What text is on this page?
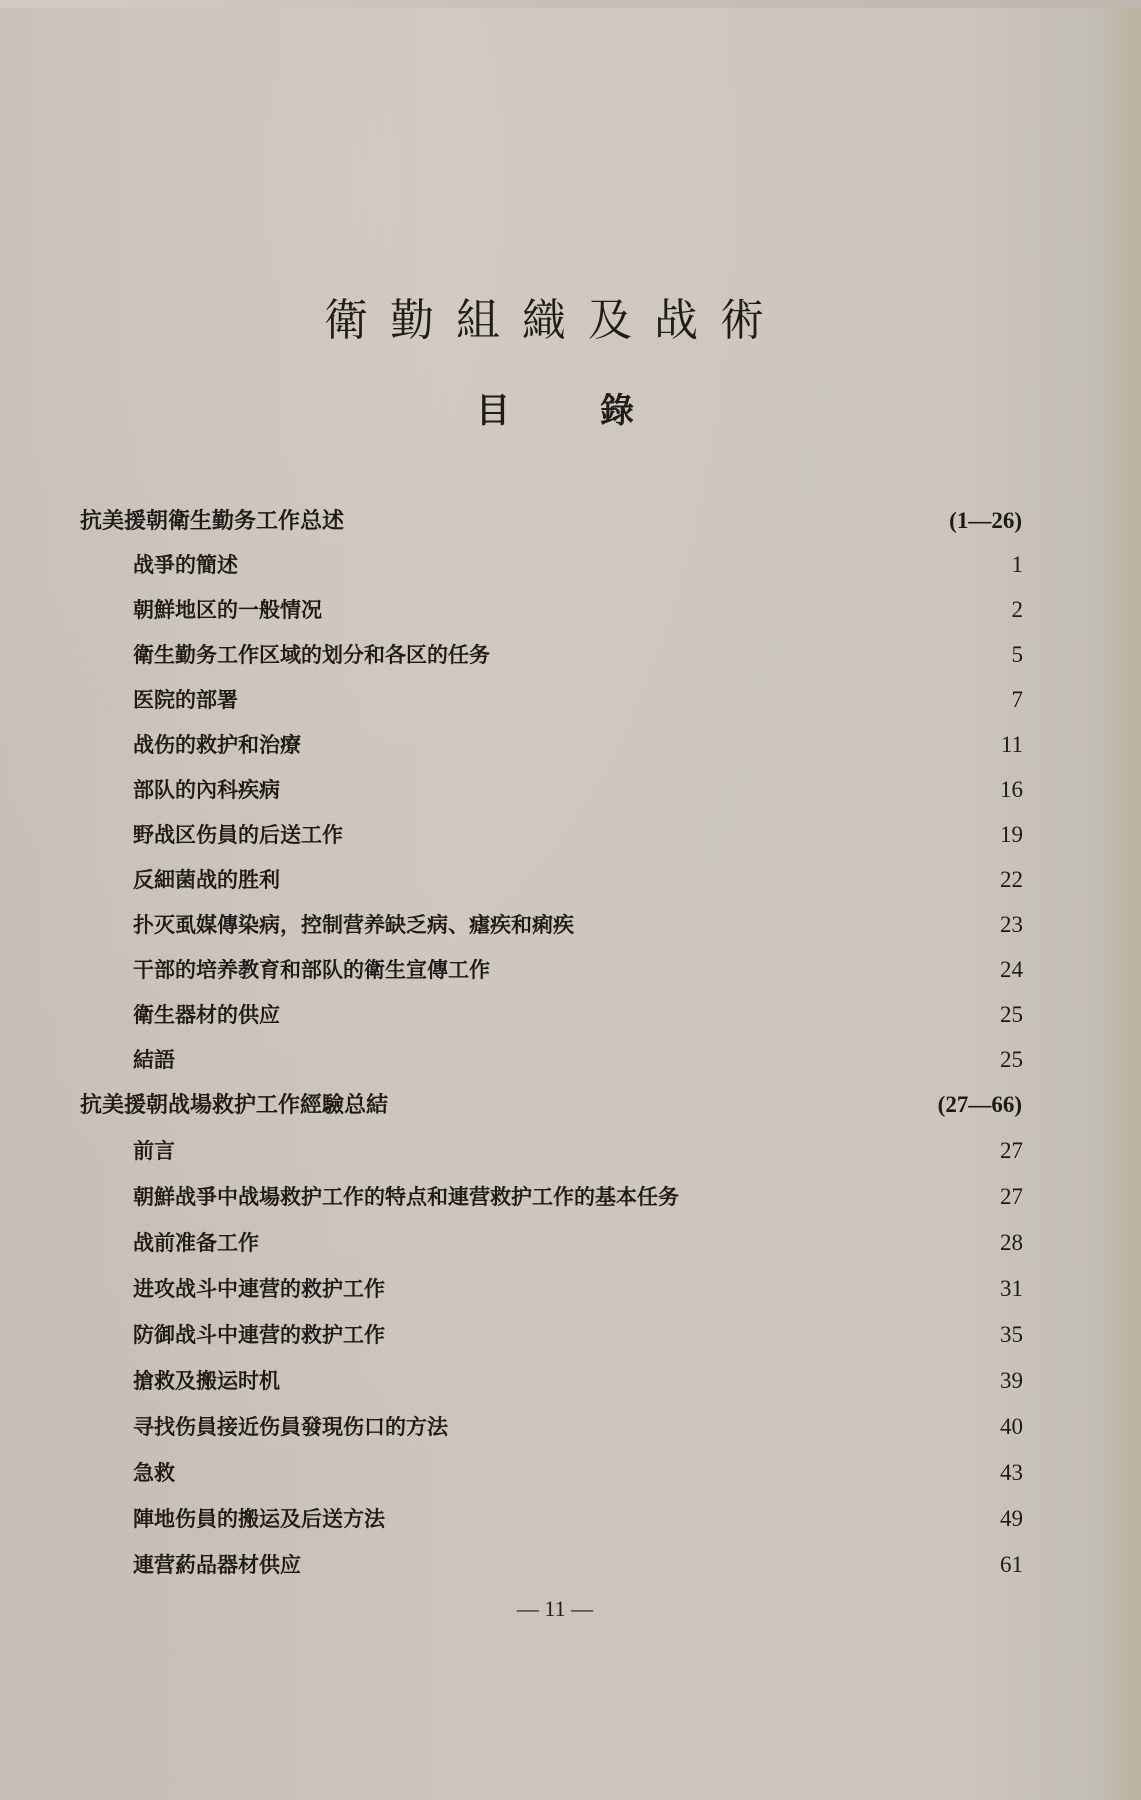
衛勤組織及战術
目	錄
抗美援朝衛生勤务工作总述	(1—26)
战爭的簡述	1
朝鮮地区的一般情况	2
衛生勤务工作区域的划分和各区的任务	5
医院的部署	7
战伤的救护和治療	11
部队的內科疾病	16
野战区伤員的后送工作	19
反細菌战的胜利	22
扑灭虱媒傳染病，控制营养缺乏病、瘧疾和痢疾	23
干部的培养教育和部队的衛生宣傳工作	24
衛生器材的供应	25
結語	25
抗美援朝战場救护工作經驗总結	(27—66)
前言	27
朝鮮战爭中战場救护工作的特点和連营救护工作的基本任务	27
战前准备工作	28
进攻战斗中連营的救护工作	31
防御战斗中連营的救护工作	35
搶救及搬运时机	39
寻找伤員接近伤員發現伤口的方法	40
急救	43
陣地伤員的搬运及后送方法	49
連营葯品器材供应	61
— 11 —
